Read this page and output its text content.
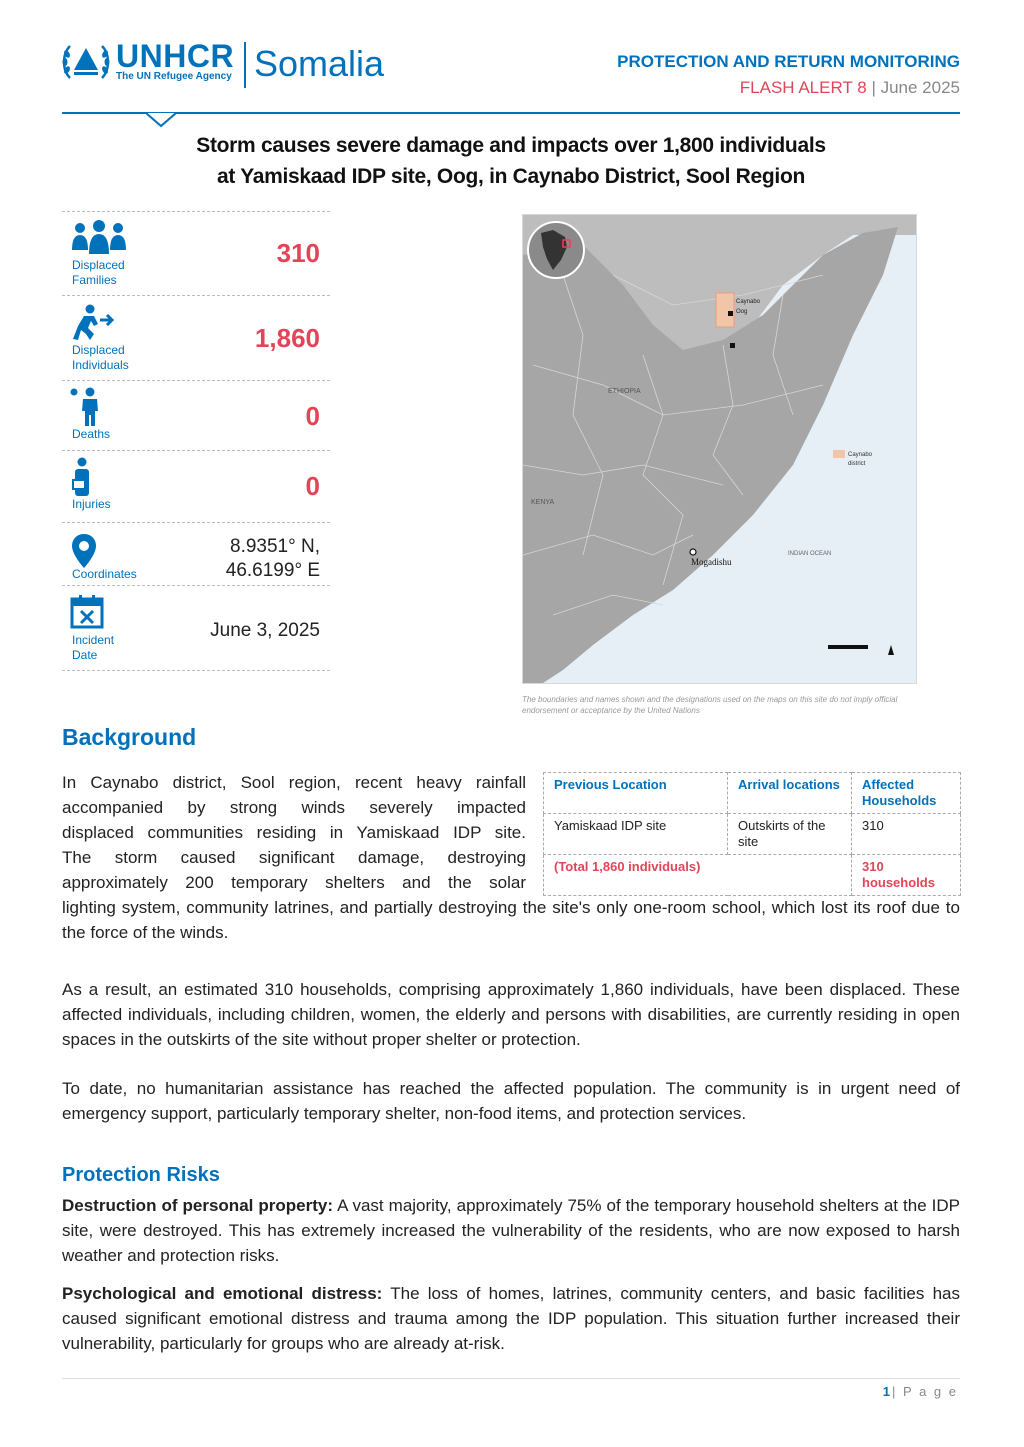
UNHCR
The UN Refugee Agency Somalia	PROTECTION AND RETURN MONITORING
FLASH ALERT 8 | June 2025
Storm causes severe damage and impacts over 1,800 individuals
at Yamiskaad IDP site, Oog, in Caynabo District, Sool Region
Displaced Families
310
Displaced Individuals
1,860
Deaths
0
Injuries
0
Coordinates
8.9351° N,
46.6199° E
Incident
Date
June 3, 2025
Caynabo
Oog
ETHIOPIA
KENYA
INDIAN OCEAN
Mogadishu
Caynabo
district
The boundaries and names shown and the designations used on the maps on this site do not imply official endorsement or acceptance by the United Nations
Background
In Caynabo district, Sool region, recent heavy rainfall
accompanied by strong winds severely impacted
displaced communities residing in Yamiskaad IDP site.
The storm caused significant damage, destroying
approximately 200 temporary shelters and the solar
lighting system, community latrines, and partially destroying the site's only one-room school, which lost its roof due to the force of the winds.
Previous Location	Arrival locations	Affected Households
Yamiskaad IDP site	Outskirts of the site	310
(Total 1,860 individuals)		310 households
As a result, an estimated 310 households, comprising approximately 1,860 individuals, have been displaced. These affected individuals, including children, women, the elderly and persons with disabilities, are currently residing in open spaces in the outskirts of the site without proper shelter or protection.
To date, no humanitarian assistance has reached the affected population. The community is in urgent need of emergency support, particularly temporary shelter, non-food items, and protection services.
Protection Risks
Destruction of personal property: A vast majority, approximately 75% of the temporary household shelters at the IDP site, were destroyed. This has extremely increased the vulnerability of the residents, who are now exposed to harsh weather and protection risks.
Psychological and emotional distress: The loss of homes, latrines, community centers, and basic facilities has caused significant emotional distress and trauma among the IDP population. This situation further increased their vulnerability, particularly for groups who are already at-risk.
1| P a g e
